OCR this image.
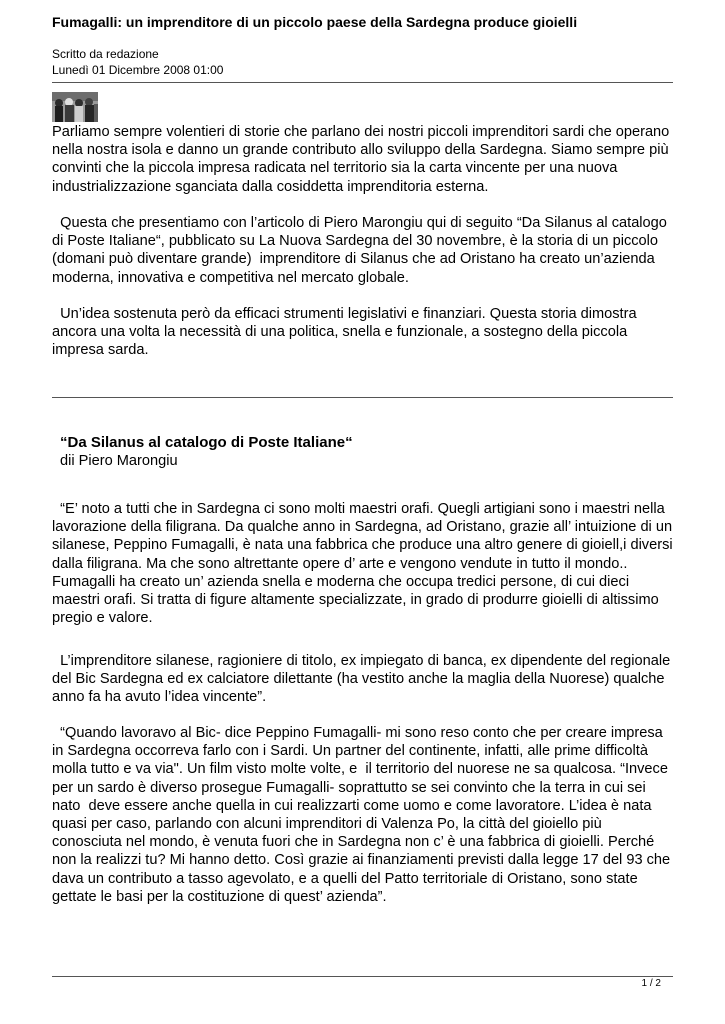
Fumagalli: un imprenditore di un piccolo paese della Sardegna produce gioielli
Scritto da redazione
Lunedì 01 Dicembre 2008 01:00

Parliamo sempre volentieri di storie che parlano dei nostri piccoli imprenditori sardi che operano nella nostra isola e danno un grande contributo allo sviluppo della Sardegna. Siamo sempre più convinti che la piccola impresa radicata nel territorio sia la carta vincente per una nuova industrializzazione sganciata dalla cosiddetta imprenditoria esterna.

Questa che presentiamo con l’articolo di Piero Marongiu qui di seguito “Da Silanus al catalogo di Poste Italiane“, pubblicato su La Nuova Sardegna del 30 novembre, è la storia di un piccolo (domani può diventare grande)  imprenditore di Silanus che ad Oristano ha creato un’azienda moderna, innovativa e competitiva nel mercato globale.

Un’idea sostenuta però da efficaci strumenti legislativi e finanziari. Questa storia dimostra ancora una volta la necessità di una politica, snella e funzionale, a sostegno della piccola impresa sarda.

“Da Silanus al catalogo di Poste Italiane“
dii Piero Marongiu

“E’ noto a tutti che in Sardegna ci sono molti maestri orafi. Quegli artigiani sono i maestri nella lavorazione della filigrana. Da qualche anno in Sardegna, ad Oristano, grazie all’ intuizione di un silanese, Peppino Fumagalli, è nata una fabbrica che produce una altro genere di gioiell,i diversi dalla filigrana. Ma che sono altrettante opere d’ arte e vengono vendute in tutto il mondo.. Fumagalli ha creato un’ azienda snella e moderna che occupa tredici persone, di cui dieci maestri orafi. Si tratta di figure altamente specializzate, in grado di produrre gioielli di altissimo pregio e valore.

L’imprenditore silanese, ragioniere di titolo, ex impiegato di banca, ex dipendente del regionale del Bic Sardegna ed ex calciatore dilettante (ha vestito anche la maglia della Nuorese) qualche anno fa ha avuto l’idea vincente”.

“Quando lavoravo al Bic- dice Peppino Fumagalli- mi sono reso conto che per creare impresa in Sardegna occorreva farlo con i Sardi. Un partner del continente, infatti, alle prime difficoltà molla tutto e va via". Un film visto molte volte, e  il territorio del nuorese ne sa qualcosa. “Invece per un sardo è diverso prosegue Fumagalli- soprattutto se sei convinto che la terra in cui sei nato  deve essere anche quella in cui realizzarti come uomo e come lavoratore. L’idea è nata quasi per caso, parlando con alcuni imprenditori di Valenza Po, la città del gioiello più conosciuta nel mondo, è venuta fuori che in Sardegna non c’ è una fabbrica di gioielli. Perché non la realizzi tu? Mi hanno detto. Così grazie ai finanziamenti previsti dalla legge 17 del 93 che dava un contributo a tasso agevolato, e a quelli del Patto territoriale di Oristano, sono state gettate le basi per la costituzione di quest’ azienda”.

1 / 2
